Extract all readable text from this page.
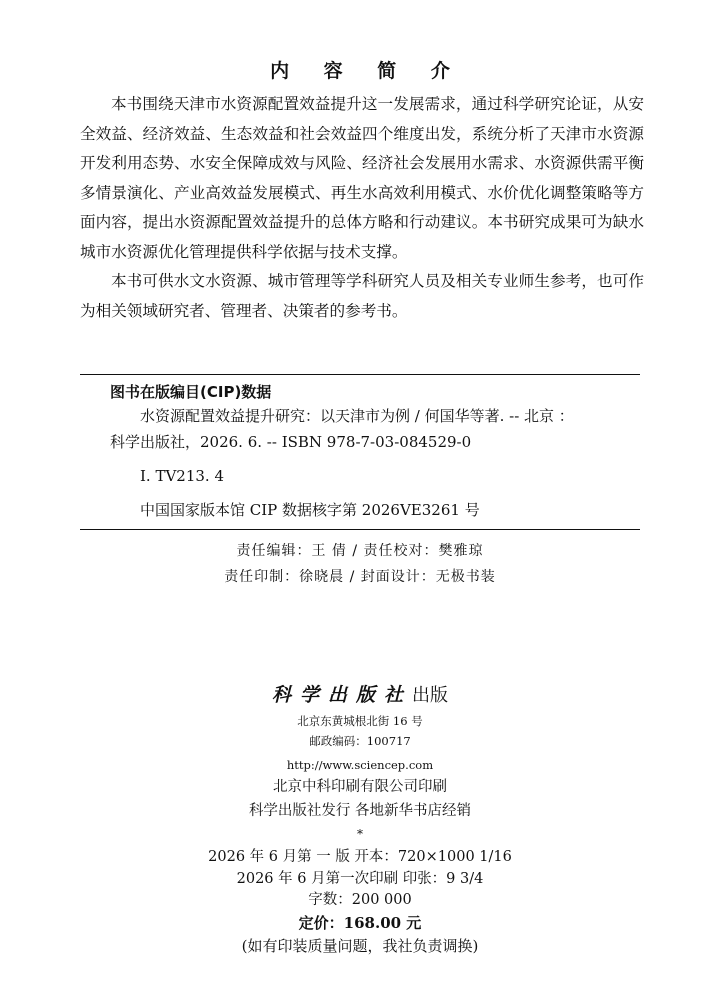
内 容 简 介

本书围绕天津市水资源配置效益提升这一发展需求，通过科学研究论证，从安全效益、经济效益、生态效益和社会效益四个维度出发，系统分析了天津市水资源开发利用态势、水安全保障成效与风险、经济社会发展用水需求、水资源供需平衡多情景演化、产业高效益发展模式、再生水高效利用模式、水价优化调整策略等方面内容，提出水资源配置效益提升的总体方略和行动建议。本书研究成果可为缺水城市水资源优化管理提供科学依据与技术支撑。

本书可供水文水资源、城市管理等学科研究人员及相关专业师生参考，也可作为相关领域研究者、管理者、决策者的参考书。

图书在版编目(CIP)数据
水资源配置效益提升研究：以天津市为例 / 何国华等著. -- 北京 ：
科学出版社，2026. 6. -- ISBN 978-7-03-084529-0
Ⅰ. TV213. 4
中国国家版本馆 CIP 数据核字第 2026VE3261 号
责任编辑：王 倩 / 责任校对：樊雅琼
责任印制：徐晓晨 / 封面设计：无极书装
科学出版社出版
北京东黄城根北街 16 号
邮政编码：100717
http://www.sciencep.com
北京中科印刷有限公司印刷
科学出版社发行 各地新华书店经销
*
2026 年 6 月第 一 版 开本：720×1000 1/16
2026 年 6 月第一次印刷 印张：9 3/4
字数：200 000
定价：168.00 元
(如有印装质量问题，我社负责调换)
